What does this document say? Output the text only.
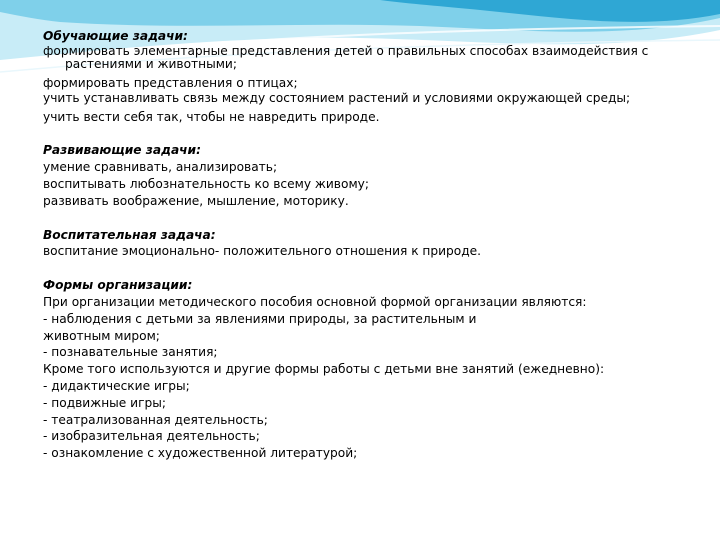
Обучающие задачи:

формировать элементарные представления детей о правильных способах взаимодействия с растениями и животными;

формировать представления о птицах;

учить устанавливать связь между состоянием растений и условиями окружающей среды;

учить вести себя так, чтобы не навредить природе.

Развивающие задачи:

умение сравнивать, анализировать;

воспитывать любознательность ко всему живому;

развивать воображение, мышление, моторику.

Воспитательная задача:

воспитание эмоционально- положительного отношения к природе.

Формы организации:

При организации методического пособия основной формой организации являются:

- наблюдения с детьми за явлениями природы, за растительным и

животным миром;

- познавательные занятия;

Кроме того используются и другие формы работы с детьми вне занятий (ежедневно):

- дидактические игры;

- подвижные игры;

- театрализованная деятельность;

- изобразительная деятельность;

- ознакомление с художественной литературой;
